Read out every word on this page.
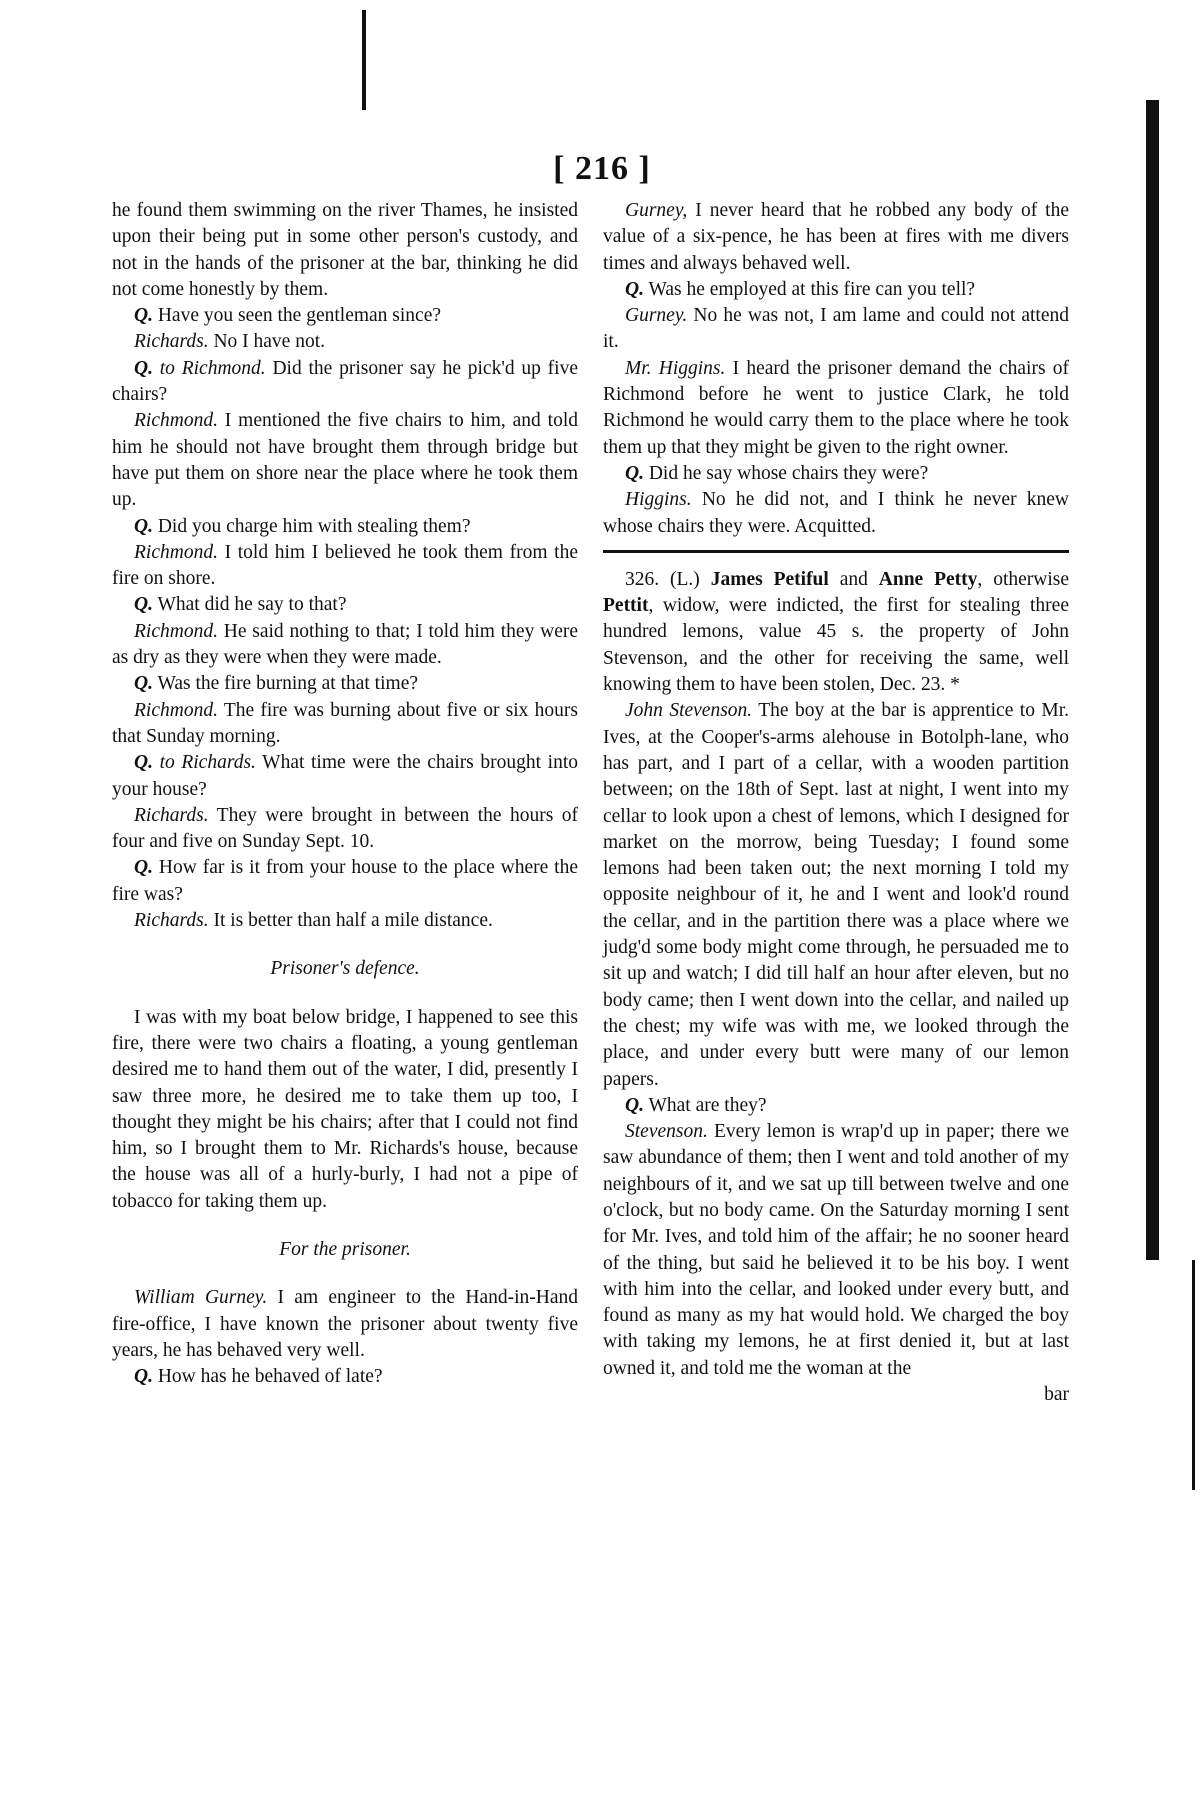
[ 216 ]

he found them swimming on the river Thames, he insisted upon their being put in some other person's custody, and not in the hands of the prisoner at the bar, thinking he did not come honestly by them.

Q. Have you seen the gentleman since?

Richards. No I have not.

Q. to Richmond. Did the prisoner say he pick'd up five chairs?

Richmond. I mentioned the five chairs to him, and told him he should not have brought them through bridge but have put them on shore near the place where he took them up.

Q. Did you charge him with stealing them?

Richmond. I told him I believed he took them from the fire on shore.

Q. What did he say to that?

Richmond. He said nothing to that; I told him they were as dry as they were when they were made.

Q. Was the fire burning at that time?

Richmond. The fire was burning about five or six hours that Sunday morning.

Q. to Richards. What time were the chairs brought into your house?

Richards. They were brought in between the hours of four and five on Sunday Sept. 10.

Q. How far is it from your house to the place where the fire was?

Richards. It is better than half a mile distance.

Prisoner's defence.

I was with my boat below bridge, I happened to see this fire, there were two chairs a floating, a young gentleman desired me to hand them out of the water, I did, presently I saw three more, he desired me to take them up too, I thought they might be his chairs; after that I could not find him, so I brought them to Mr. Richards's house, because the house was all of a hurly-burly, I had not a pipe of tobacco for taking them up.

For the prisoner.

William Gurney. I am engineer to the Hand-in-Hand fire-office, I have known the prisoner about twenty five years, he has behaved very well.

Q. How has he behaved of late?

Gurney, I never heard that he robbed any body of the value of a six-pence, he has been at fires with me divers times and always behaved well.

Q. Was he employed at this fire can you tell?

Gurney. No he was not, I am lame and could not attend it.

Mr. Higgins. I heard the prisoner demand the chairs of Richmond before he went to justice Clark, he told Richmond he would carry them to the place where he took them up that they might be given to the right owner.

Q. Did he say whose chairs they were?

Higgins. No he did not, and I think he never knew whose chairs they were. Acquitted.

326. (L.) James Petiful and Anne Petty, otherwise Pettit, widow, were indicted, the first for stealing three hundred lemons, value 45 s. the property of John Stevenson, and the other for receiving the same, well knowing them to have been stolen, Dec. 23. *

John Stevenson. The boy at the bar is apprentice to Mr. Ives, at the Cooper's-arms alehouse in Botolph-lane, who has part, and I part of a cellar, with a wooden partition between; on the 18th of Sept. last at night, I went into my cellar to look upon a chest of lemons, which I designed for market on the morrow, being Tuesday; I found some lemons had been taken out; the next morning I told my opposite neighbour of it, he and I went and look'd round the cellar, and in the partition there was a place where we judg'd some body might come through, he persuaded me to sit up and watch; I did till half an hour after eleven, but no body came; then I went down into the cellar, and nailed up the chest; my wife was with me, we looked through the place, and under every butt were many of our lemon papers.

Q. What are they?

Stevenson. Every lemon is wrap'd up in paper; there we saw abundance of them; then I went and told another of my neighbours of it, and we sat up till between twelve and one o'clock, but no body came. On the Saturday morning I sent for Mr. Ives, and told him of the affair; he no sooner heard of the thing, but said he believed it to be his boy. I went with him into the cellar, and looked under every butt, and found as many as my hat would hold. We charged the boy with taking my lemons, he at first denied it, but at last owned it, and told me the woman at the

bar
